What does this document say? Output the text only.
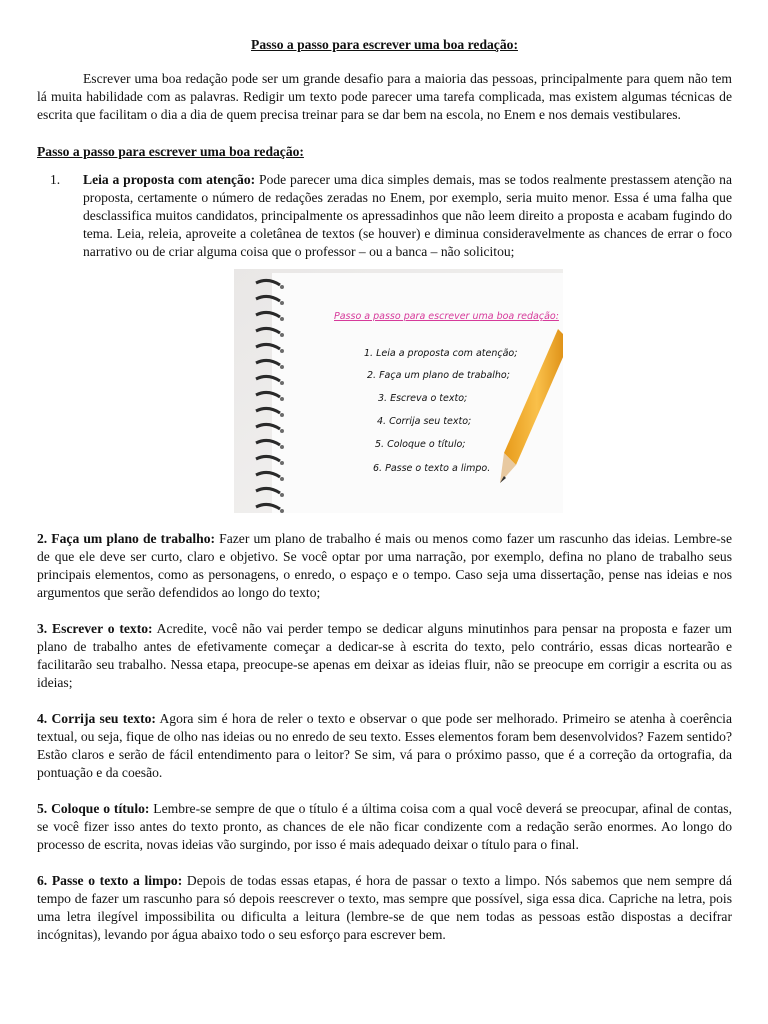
Passo a passo para escrever uma boa redação:

Escrever uma boa redação pode ser um grande desafio para a maioria das pessoas, principalmente para quem não tem lá muita habilidade com as palavras. Redigir um texto pode parecer uma tarefa complicada, mas existem algumas técnicas de escrita que facilitam o dia a dia de quem precisa treinar para se dar bem na escola, no Enem e nos demais vestibulares.

Passo a passo para escrever uma boa redação:
1. Leia a proposta com atenção: Pode parecer uma dica simples demais, mas se todos realmente prestassem atenção na proposta, certamente o número de redações zeradas no Enem, por exemplo, seria muito menor. Essa é uma falha que desclassifica muitos candidatos, principalmente os apressadinhos que não leem direito a proposta e acabam fugindo do tema. Leia, releia, aproveite a coletânea de textos (se houver) e diminua consideravelmente as chances de errar o foco narrativo ou de criar alguma coisa que o professor – ou a banca – não solicitou;

Passo a passo para escrever uma boa redação:
1. Leia a proposta com atenção;
2. Faça um plano de trabalho;
3. Escreva o texto;
4. Corrija seu texto;
5. Coloque o título;
6. Passe o texto a limpo.

2. Faça um plano de trabalho: Fazer um plano de trabalho é mais ou menos como fazer um rascunho das ideias. Lembre-se de que ele deve ser curto, claro e objetivo. Se você optar por uma narração, por exemplo, defina no plano de trabalho seus principais elementos, como as personagens, o enredo, o espaço e o tempo. Caso seja uma dissertação, pense nas ideias e nos argumentos que serão defendidos ao longo do texto;

3. Escrever o texto: Acredite, você não vai perder tempo se dedicar alguns minutinhos para pensar na proposta e fazer um plano de trabalho antes de efetivamente começar a dedicar-se à escrita do texto, pelo contrário, essas dicas nortearão e facilitarão seu trabalho. Nessa etapa, preocupe-se apenas em deixar as ideias fluir, não se preocupe em corrigir a escrita ou as ideias;

4. Corrija seu texto: Agora sim é hora de reler o texto e observar o que pode ser melhorado. Primeiro se atenha à coerência textual, ou seja, fique de olho nas ideias ou no enredo de seu texto. Esses elementos foram bem desenvolvidos? Fazem sentido? Estão claros e serão de fácil entendimento para o leitor? Se sim, vá para o próximo passo, que é a correção da ortografia, da pontuação e da coesão.

5. Coloque o título: Lembre-se sempre de que o título é a última coisa com a qual você deverá se preocupar, afinal de contas, se você fizer isso antes do texto pronto, as chances de ele não ficar condizente com a redação serão enormes. Ao longo do processo de escrita, novas ideias vão surgindo, por isso é mais adequado deixar o título para o final.

6. Passe o texto a limpo: Depois de todas essas etapas, é hora de passar o texto a limpo. Nós sabemos que nem sempre dá tempo de fazer um rascunho para só depois reescrever o texto, mas sempre que possível, siga essa dica. Capriche na letra, pois uma letra ilegível impossibilita ou dificulta a leitura (lembre-se de que nem todas as pessoas estão dispostas a decifrar incógnitas), levando por água abaixo todo o seu esforço para escrever bem.
